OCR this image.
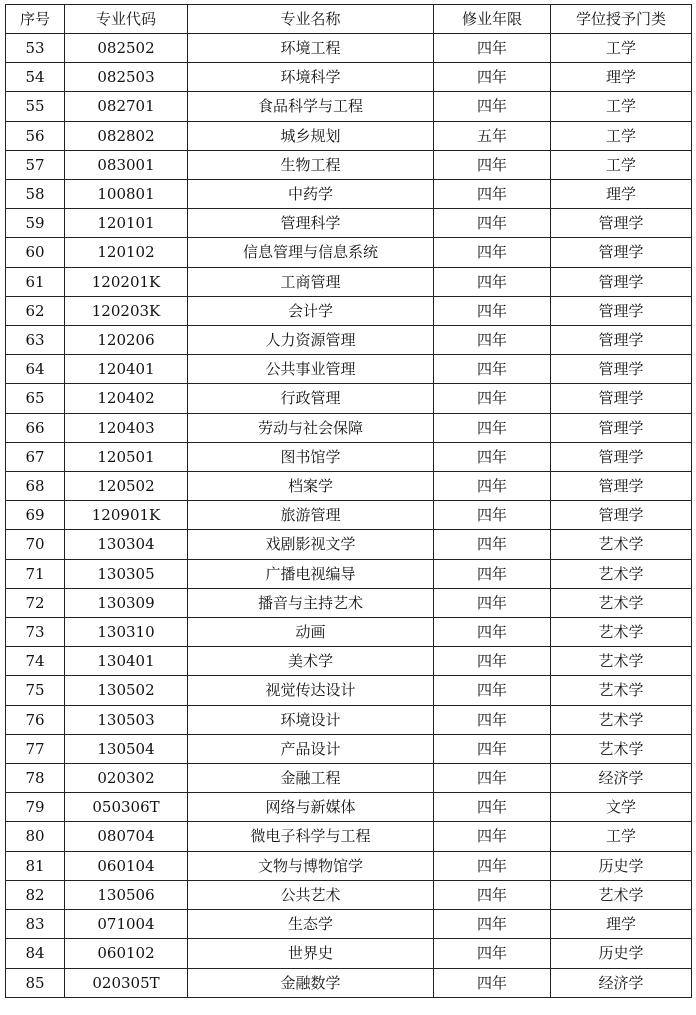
序号	专业代码	专业名称	修业年限	学位授予门类
53	082502	环境工程	四年	工学
54	082503	环境科学	四年	理学
55	082701	食品科学与工程	四年	工学
56	082802	城乡规划	五年	工学
57	083001	生物工程	四年	工学
58	100801	中药学	四年	理学
59	120101	管理科学	四年	管理学
60	120102	信息管理与信息系统	四年	管理学
61	120201K	工商管理	四年	管理学
62	120203K	会计学	四年	管理学
63	120206	人力资源管理	四年	管理学
64	120401	公共事业管理	四年	管理学
65	120402	行政管理	四年	管理学
66	120403	劳动与社会保障	四年	管理学
67	120501	图书馆学	四年	管理学
68	120502	档案学	四年	管理学
69	120901K	旅游管理	四年	管理学
70	130304	戏剧影视文学	四年	艺术学
71	130305	广播电视编导	四年	艺术学
72	130309	播音与主持艺术	四年	艺术学
73	130310	动画	四年	艺术学
74	130401	美术学	四年	艺术学
75	130502	视觉传达设计	四年	艺术学
76	130503	环境设计	四年	艺术学
77	130504	产品设计	四年	艺术学
78	020302	金融工程	四年	经济学
79	050306T	网络与新媒体	四年	文学
80	080704	微电子科学与工程	四年	工学
81	060104	文物与博物馆学	四年	历史学
82	130506	公共艺术	四年	艺术学
83	071004	生态学	四年	理学
84	060102	世界史	四年	历史学
85	020305T	金融数学	四年	经济学
